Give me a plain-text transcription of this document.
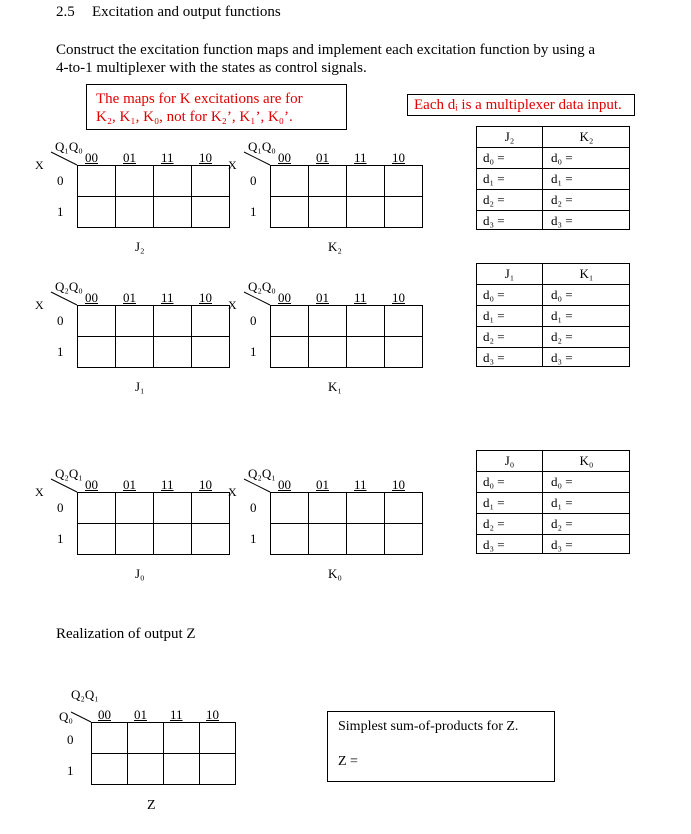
2.5 Excitation and output functions
Construct the excitation function maps and implement each excitation function by using a
4-to-1 multiplexer with the states as control signals.
The maps for K excitations are for
K₂, K₁, K₀, not for K₂’, K₁’, K₀’.
Each dᵢ is a multiplexer data input.
Q₁Q₀
X	00 01 11 10
0
1
J₂
Q₁Q₀
X	00 01 11 10
0
1
K₂
Q₂Q₀
X	00 01 11 10
0
1
J₁
Q₂Q₀
X	00 01 11 10
0
1
K₁
Q₂Q₁
X	00 01 11 10
0
1
J₀
Q₂Q₁
X	00 01 11 10
0
1
K₀
J₂	K₂
d₀ =	d₀ =
d₁ =	d₁ =
d₂ =	d₂ =
d₃ =	d₃ =
J₁	K₁
d₀ =	d₀ =
d₁ =	d₁ =
d₂ =	d₂ =
d₃ =	d₃ =
J₀	K₀
d₀ =	d₀ =
d₁ =	d₁ =
d₂ =	d₂ =
d₃ =	d₃ =
Realization of output Z
Q₂Q₁
Q₀ 00 01 11 10
0
1
Z
Simplest sum-of-products for Z.
Z =
